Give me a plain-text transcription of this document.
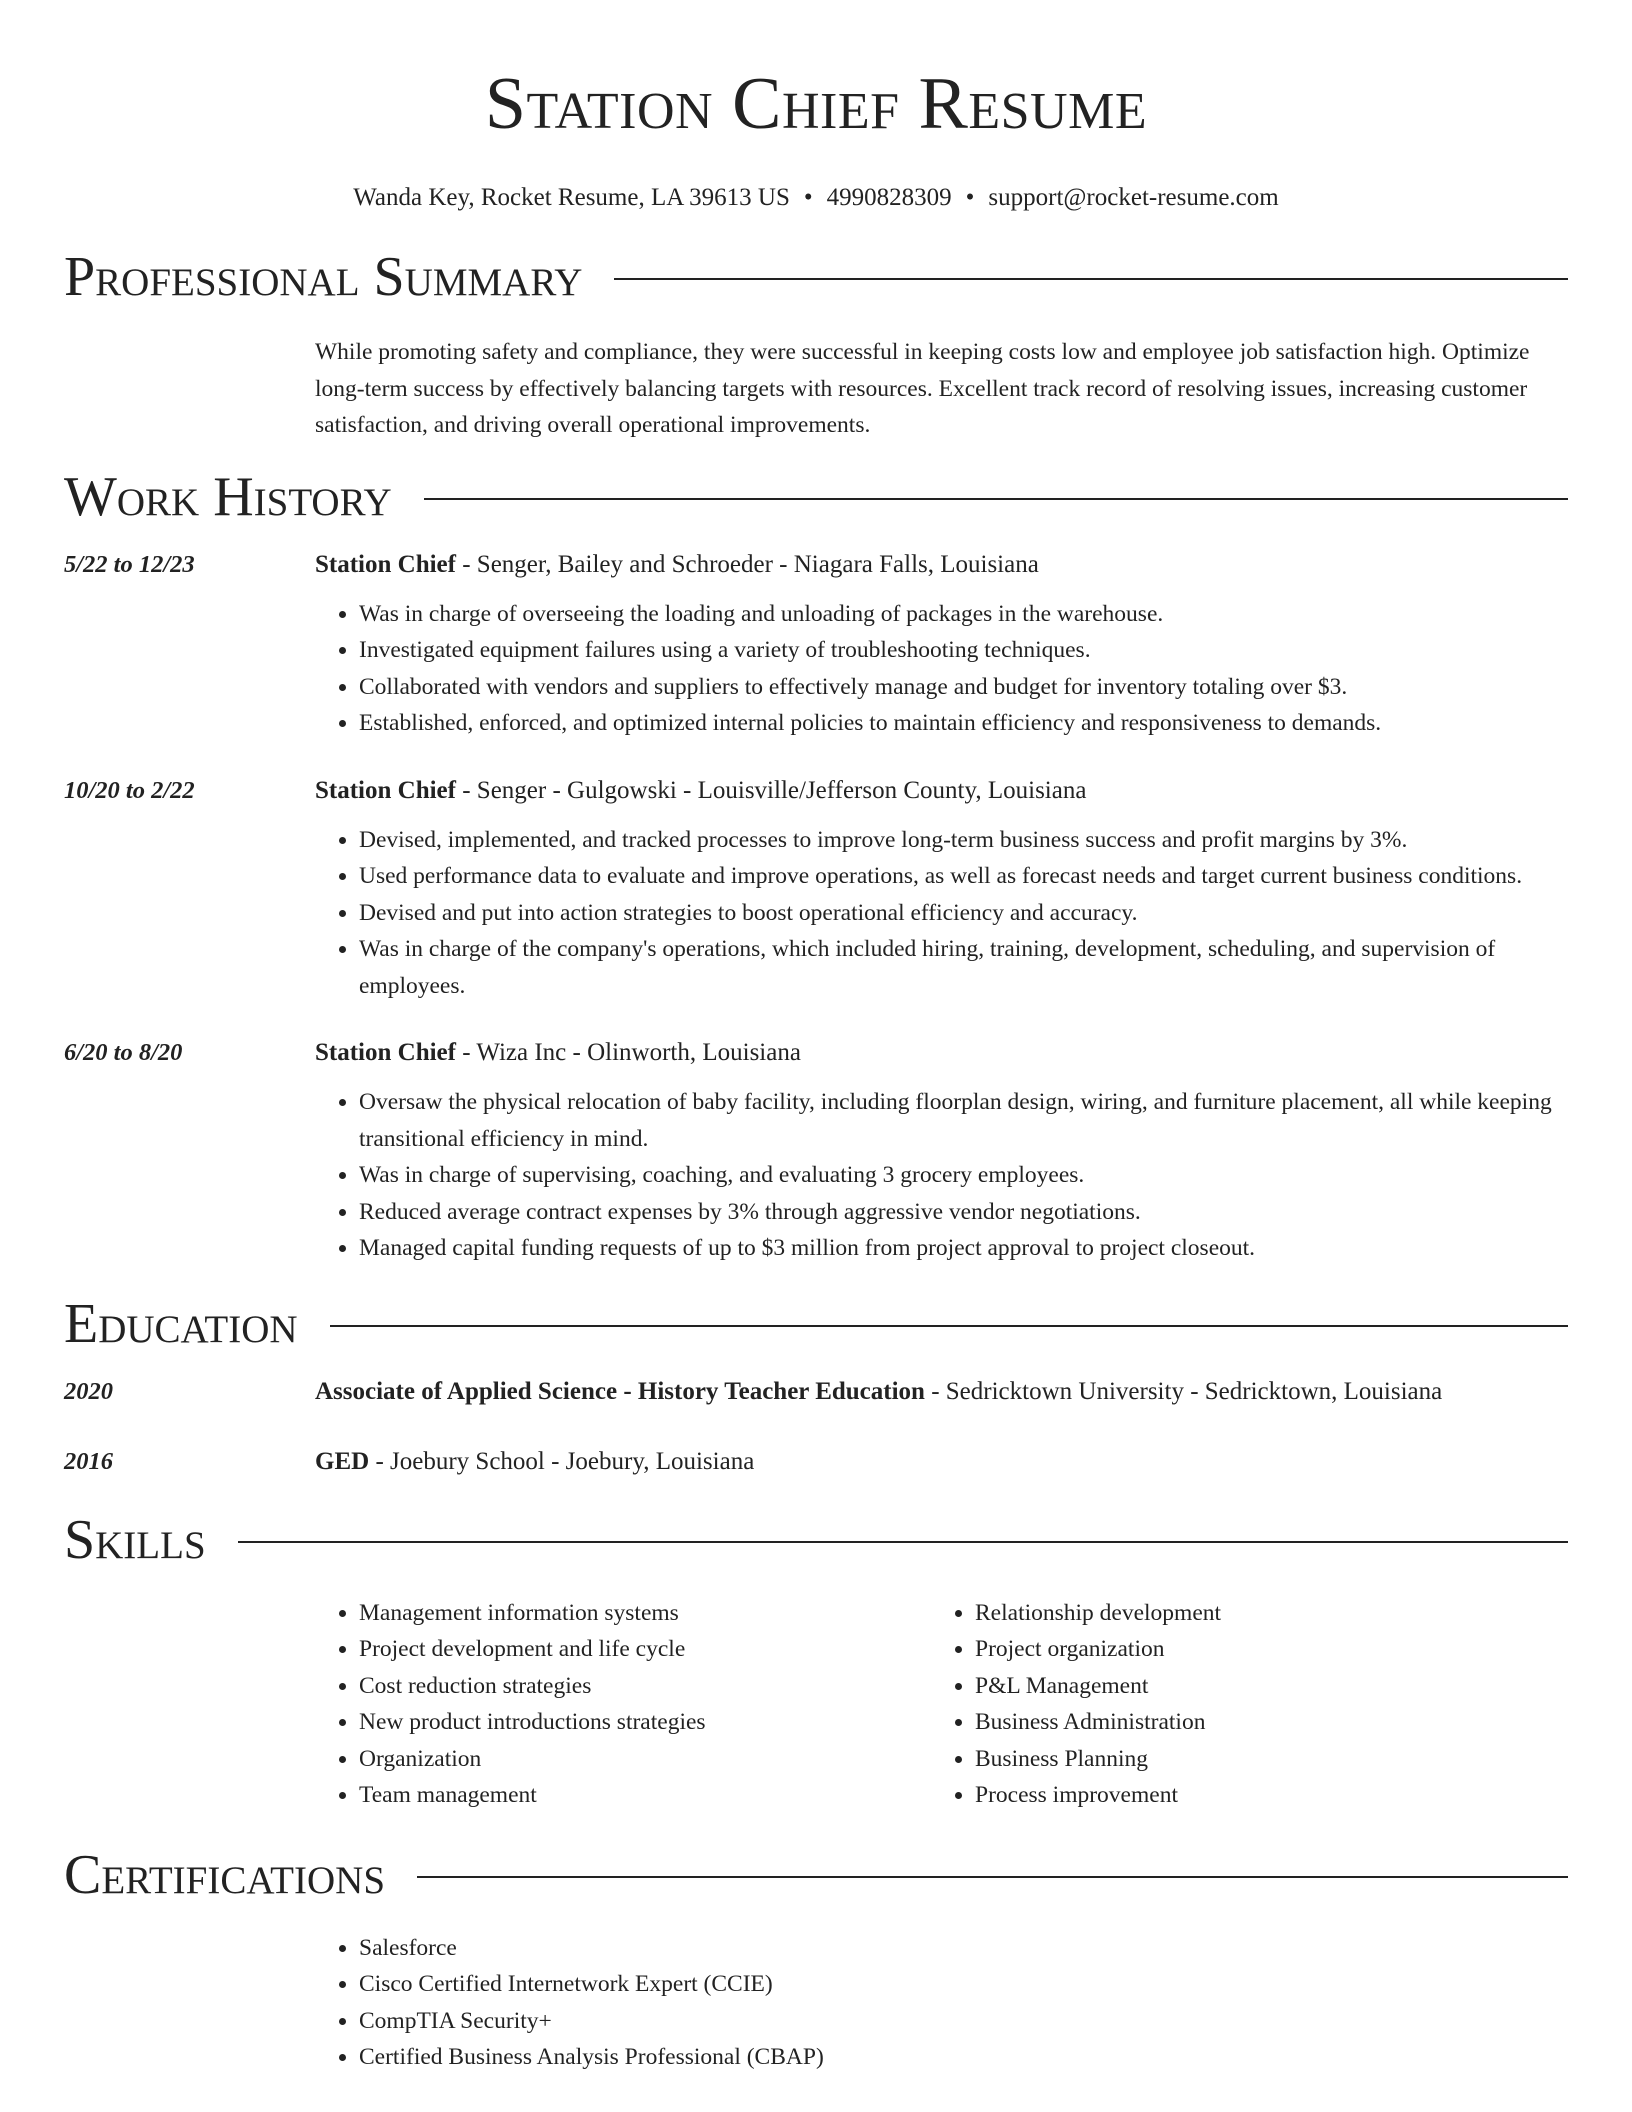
Station Chief Resume
Wanda Key, Rocket Resume, LA 39613 US • 4990828309 • support@rocket-resume.com
Professional Summary
While promoting safety and compliance, they were successful in keeping costs low and employee job satisfaction high. Optimize long-term success by effectively balancing targets with resources. Excellent track record of resolving issues, increasing customer satisfaction, and driving overall operational improvements.
Work History
5/22 to 12/23	Station Chief - Senger, Bailey and Schroeder - Niagara Falls, Louisiana
• Was in charge of overseeing the loading and unloading of packages in the warehouse.
• Investigated equipment failures using a variety of troubleshooting techniques.
• Collaborated with vendors and suppliers to effectively manage and budget for inventory totaling over $3.
• Established, enforced, and optimized internal policies to maintain efficiency and responsiveness to demands.
10/20 to 2/22	Station Chief - Senger - Gulgowski - Louisville/Jefferson County, Louisiana
• Devised, implemented, and tracked processes to improve long-term business success and profit margins by 3%.
• Used performance data to evaluate and improve operations, as well as forecast needs and target current business conditions.
• Devised and put into action strategies to boost operational efficiency and accuracy.
• Was in charge of the company's operations, which included hiring, training, development, scheduling, and supervision of employees.
6/20 to 8/20	Station Chief - Wiza Inc - Olinworth, Louisiana
• Oversaw the physical relocation of baby facility, including floorplan design, wiring, and furniture placement, all while keeping transitional efficiency in mind.
• Was in charge of supervising, coaching, and evaluating 3 grocery employees.
• Reduced average contract expenses by 3% through aggressive vendor negotiations.
• Managed capital funding requests of up to $3 million from project approval to project closeout.
Education
2020	Associate of Applied Science - History Teacher Education - Sedricktown University - Sedricktown, Louisiana
2016	GED - Joebury School - Joebury, Louisiana
Skills
• Management information systems
• Project development and life cycle
• Cost reduction strategies
• New product introductions strategies
• Organization
• Team management
• Relationship development
• Project organization
• P&L Management
• Business Administration
• Business Planning
• Process improvement
Certifications
• Salesforce
• Cisco Certified Internetwork Expert (CCIE)
• CompTIA Security+
• Certified Business Analysis Professional (CBAP)
